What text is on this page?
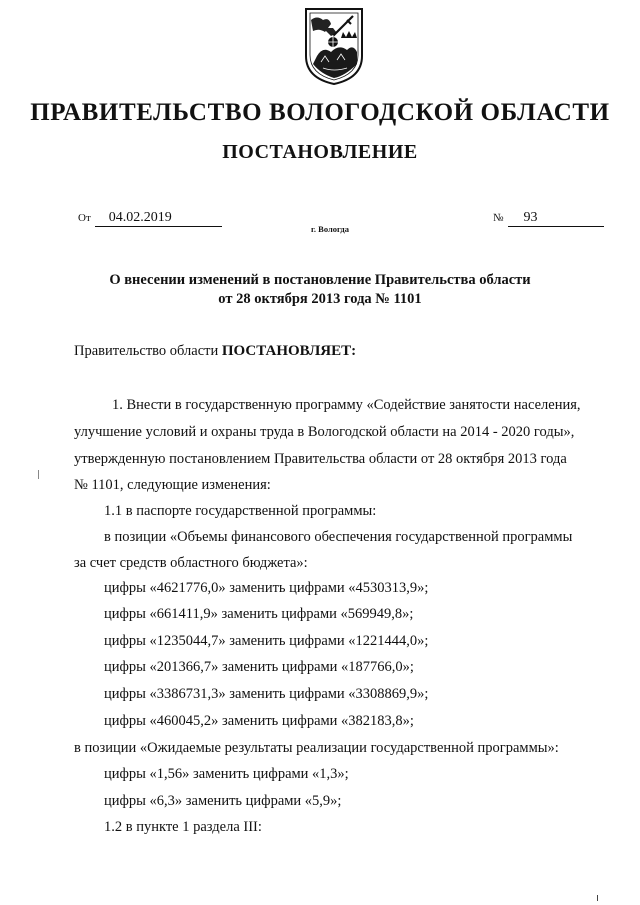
ПРАВИТЕЛЬСТВО ВОЛОГОДСКОЙ ОБЛАСТИ
ПОСТАНОВЛЕНИЕ
От 04.02.2019	№ 93
г. Вологда
О внесении изменений в постановление Правительства области
от 28 октября 2013 года № 1101
Правительство области ПОСТАНОВЛЯЕТ:
1. Внести в государственную программу «Содействие занятости населения,
улучшение условий и охраны труда в Вологодской области на 2014 - 2020 годы»,
утвержденную постановлением Правительства области от 28 октября 2013 года
№ 1101, следующие изменения:
1.1 в паспорте государственной программы:
в позиции «Объемы финансового обеспечения государственной программы
за счет средств областного бюджета»:
цифры «4621776,0» заменить цифрами «4530313,9»;
цифры «661411,9» заменить цифрами «569949,8»;
цифры «1235044,7» заменить цифрами «1221444,0»;
цифры «201366,7» заменить цифрами «187766,0»;
цифры «3386731,3» заменить цифрами «3308869,9»;
цифры «460045,2» заменить цифрами «382183,8»;
в позиции «Ожидаемые результаты реализации государственной программы»:
цифры «1,56» заменить цифрами «1,3»;
цифры «6,3» заменить цифрами «5,9»;
1.2 в пункте 1 раздела III:
